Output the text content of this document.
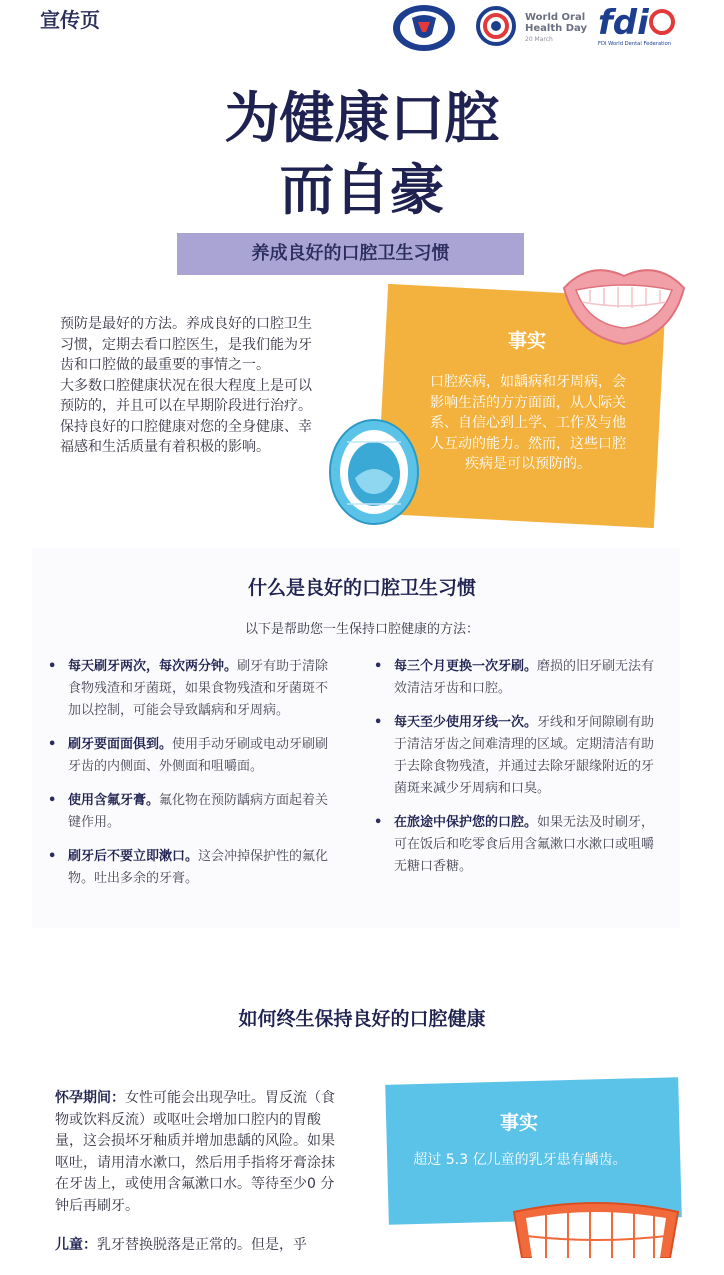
宣传页	World Oral
Health Day
20 March	fdi
FDI World Dental Federation
为健康口腔
而自豪
养成良好的口腔卫生习惯

预防是最好的方法。养成良好的口腔卫生习惯，定期去看口腔医生，是我们能为牙齿和口腔做的最重要的事情之一。

大多数口腔健康状况在很大程度上是可以预防的，并且可以在早期阶段进行治疗。保持良好的口腔健康对您的全身健康、幸福感和生活质量有着积极的影响。

事实
口腔疾病，如龋病和牙周病，会影响生活的方方面面，从人际关系、自信心到上学、工作及与他人互动的能力。然而，这些口腔疾病是可以预防的。
什么是良好的口腔卫生习惯
以下是帮助您一生保持口腔健康的方法：
• 每天刷牙两次，每次两分钟。刷牙有助于清除食物残渣和牙菌斑，如果食物残渣和牙菌斑不加以控制，可能会导致龋病和牙周病。
• 刷牙要面面俱到。使用手动牙刷或电动牙刷刷牙齿的内侧面、外侧面和咀嚼面。
• 使用含氟牙膏。氟化物在预防龋病方面起着关键作用。
• 刷牙后不要立即漱口。这会冲掉保护性的氟化物。吐出多余的牙膏。
• 每三个月更换一次牙刷。磨损的旧牙刷无法有效清洁牙齿和口腔。
• 每天至少使用牙线一次。牙线和牙间隙刷有助于清洁牙齿之间难清理的区域。定期清洁有助于去除食物残渣，并通过去除牙龈缘附近的牙菌斑来减少牙周病和口臭。
• 在旅途中保护您的口腔。如果无法及时刷牙，可在饭后和吃零食后用含氟漱口水漱口或咀嚼无糖口香糖。
如何终生保持良好的口腔健康

怀孕期间：女性可能会出现孕吐。胃反流（食物或饮料反流）或呕吐会增加口腔内的胃酸量，这会损坏牙釉质并增加患龋的风险。如果呕吐，请用清水漱口，然后用手指将牙膏涂抹在牙齿上，或使用含氟漱口水。等待至少0 分钟后再刷牙。

儿童：乳牙替换脱落是正常的。但是，乎

事实
超过 5.3 亿儿童的乳牙患有龋齿。
